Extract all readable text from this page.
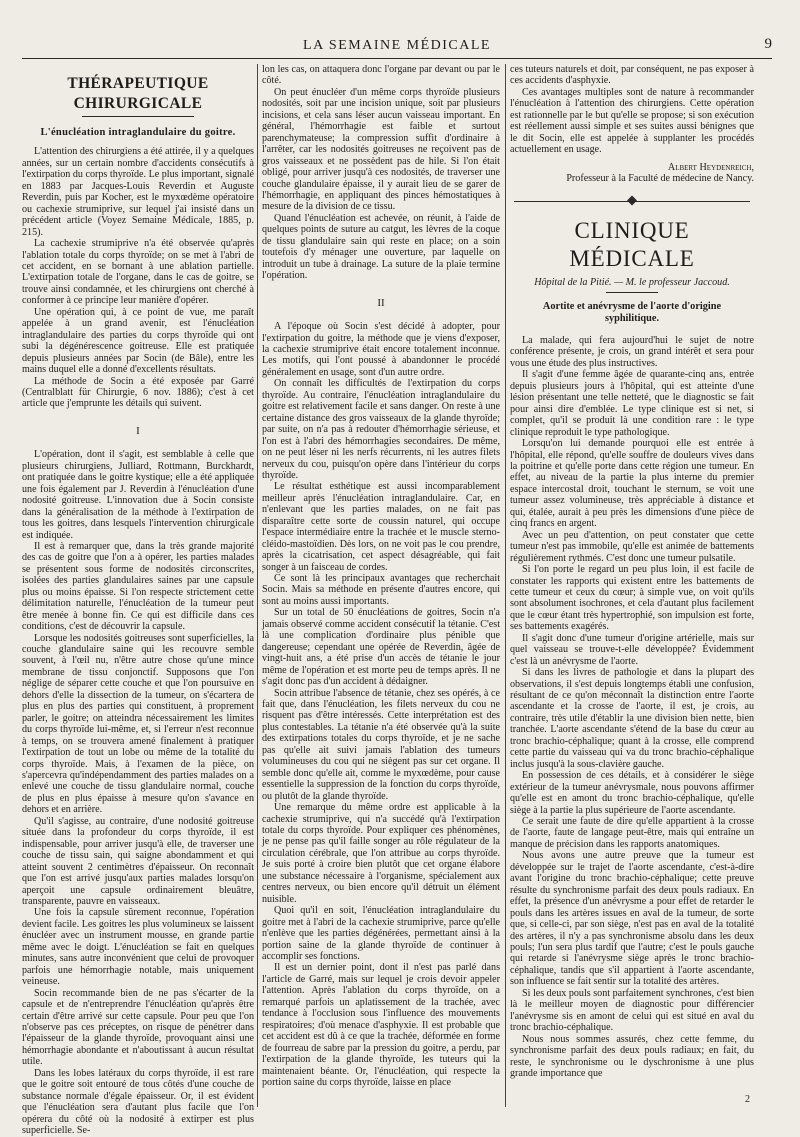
LA SEMAINE MÉDICALE	9
THÉRAPEUTIQUE CHIRURGICALE
L'énucléation intraglandulaire du goitre.

L'attention des chirurgiens a été attirée, il y a quelques années, sur un certain nombre d'accidents consécutifs à l'extirpation du corps thyroïde. Le plus important, signalé en 1883 par Jacques-Louis Reverdin et Auguste Reverdin, puis par Kocher, est le myxœdème opératoire ou cachexie strumiprive, sur lequel j'ai insisté dans un précédent article (Voyez Semaine Médicale, 1885, p. 215).

La cachexie strumiprive n'a été observée qu'après l'ablation totale du corps thyroïde; on se met à l'abri de cet accident, en se bornant à une ablation partielle. L'extirpation totale de l'organe, dans le cas de goitre, se trouve ainsi condamnée, et les chirurgiens ont cherché à conformer à ce principe leur manière d'opérer.

Une opération qui, à ce point de vue, me paraît appelée à un grand avenir, est l'énucléation intraglandulaire des parties du corps thyroïde qui ont subi la dégénérescence goitreuse. Elle est pratiquée depuis plusieurs années par Socin (de Bâle), entre les mains duquel elle a donné d'excellents résultats.

La méthode de Socin a été exposée par Garré (Centralblatt für Chirurgie, 6 nov. 1886); c'est à cet article que j'emprunte les détails qui suivent.

I

L'opération, dont il s'agit, est semblable à celle que plusieurs chirurgiens, Julliard, Rottmann, Burckhardt, ont pratiquée dans le goitre kystique; elle a été appliquée une fois également par J. Reverdin à l'énucléation d'une nodosité goitreuse. L'innovation due à Socin consiste dans la généralisation de la méthode à l'extirpation de tous les goitres, dans lesquels l'intervention chirurgicale est indiquée.

Il est à remarquer que, dans la très grande majorité des cas de goitre que l'on a à opérer, les parties malades se présentent sous forme de nodosités circonscrites, isolées des parties glandulaires saines par une capsule plus ou moins épaisse. Si l'on respecte strictement cette délimitation naturelle, l'énucléation de la tumeur peut être menée à bonne fin. Ce qui est difficile dans ces conditions, c'est de découvrir la capsule.

Lorsque les nodosités goitreuses sont superficielles, la couche glandulaire saine qui les recouvre semble souvent, à l'œil nu, n'être autre chose qu'une mince membrane de tissu conjonctif. Supposons que l'on néglige de séparer cette couche et que l'on poursuive en dehors d'elle la dissection de la tumeur, on s'écartera de plus en plus des parties qui constituent, à proprement parler, le goitre; on atteindra nécessairement les limites du corps thyroïde lui-même, et, si l'erreur n'est reconnue à temps, on se trouvera amené finalement à pratiquer l'extirpation de tout un lobe ou même de la totalité du corps thyroïde. Mais, à l'examen de la pièce, on s'apercevra qu'indépendamment des parties malades on a enlevé une couche de tissu glandulaire normal, couche de plus en plus épaisse à mesure qu'on s'avance en dehors et en arrière.

Qu'il s'agisse, au contraire, d'une nodosité goitreuse située dans la profondeur du corps thyroïde, il est indispensable, pour arriver jusqu'à elle, de traverser une couche de tissu sain, qui saigne abondamment et qui atteint souvent 2 centimètres d'épaisseur. On reconnaît que l'on est arrivé jusqu'aux parties malades lorsqu'on aperçoit une capsule ordinairement bleuâtre, transparente, pauvre en vaisseaux.

Une fois la capsule sûrement reconnue, l'opération devient facile. Les goitres les plus volumineux se laissent énucléer avec un instrument mousse, en grande partie même avec le doigt. L'énucléation se fait en quelques minutes, sans autre inconvénient que celui de provoquer parfois une hémorrhagie notable, mais uniquement veineuse.

Socin recommande bien de ne pas s'écarter de la capsule et de n'entreprendre l'énucléation qu'après être certain d'être arrivé sur cette capsule. Pour peu que l'on n'observe pas ces préceptes, on risque de pénétrer dans l'épaisseur de la glande thyroïde, provoquant ainsi une hémorrhagie abondante et n'aboutissant à aucun résultat utile.

Dans les lobes latéraux du corps thyroïde, il est rare que le goitre soit entouré de tous côtés d'une couche de substance normale d'égale épaisseur. Or, il est évident que l'énucléation sera d'autant plus facile que l'on opérera du côté où la nodosité à extirper est plus superficielle. Se-

lon les cas, on attaquera donc l'organe par devant ou par le côté.

On peut énucléer d'un même corps thyroïde plusieurs nodosités, soit par une incision unique, soit par plusieurs incisions, et cela sans léser aucun vaisseau important. En général, l'hémorrhagie est faible et surtout parenchymateuse; la compression suffit d'ordinaire à l'arrêter, car les nodosités goitreuses ne reçoivent pas de gros vaisseaux et ne possèdent pas de hile. Si l'on était obligé, pour arriver jusqu'à ces nodosités, de traverser une couche glandulaire épaisse, il y aurait lieu de se garer de l'hémorrhagie, en appliquant des pinces hémostatiques à mesure de la division de ce tissu.

Quand l'énucléation est achevée, on réunit, à l'aide de quelques points de suture au catgut, les lèvres de la coque de tissu glandulaire sain qui reste en place; on a soin toutefois d'y ménager une ouverture, par laquelle on introduit un tube à drainage. La suture de la plaie termine l'opération.

II

A l'époque où Socin s'est décidé à adopter, pour l'extirpation du goitre, la méthode que je viens d'exposer, la cachexie strumiprive était encore totalement inconnue. Les motifs, qui l'ont poussé à abandonner le procédé généralement en usage, sont d'un autre ordre.

On connaît les difficultés de l'extirpation du corps thyroïde. Au contraire, l'énucléation intraglandulaire du goitre est relativement facile et sans danger. On reste à une certaine distance des gros vaisseaux de la glande thyroïde; par suite, on n'a pas à redouter d'hémorrhagie sérieuse, et l'on est à l'abri des hémorrhagies secondaires. De même, on ne peut léser ni les nerfs récurrents, ni les autres filets nerveux du cou, puisqu'on opère dans l'intérieur du corps thyroïde.

Le résultat esthétique est aussi incomparablement meilleur après l'énucléation intraglandulaire. Car, en n'enlevant que les parties malades, on ne fait pas disparaître cette sorte de coussin naturel, qui occupe l'espace intermédiaire entre la trachée et le muscle sterno-cléido-mastoïdien. Dès lors, on ne voit pas le cou prendre, après la cicatrisation, cet aspect désagréable, qui fait songer à un faisceau de cordes.

Ce sont là les principaux avantages que recherchait Socin. Mais sa méthode en présente d'autres encore, qui sont au moins aussi importants.

Sur un total de 50 énucléations de goitres, Socin n'a jamais observé comme accident consécutif la tétanie. C'est là une complication d'ordinaire plus pénible que dangereuse; cependant une opérée de Reverdin, âgée de vingt-huit ans, a été prise d'un accès de tétanie le jour même de l'opération et est morte peu de temps après. Il ne s'agit donc pas d'un accident à dédaigner.

Socin attribue l'absence de tétanie, chez ses opérés, à ce fait que, dans l'énucléation, les filets nerveux du cou ne risquent pas d'être intéressés. Cette interprétation est des plus contestables. La tétanie n'a été observée qu'à la suite des extirpations totales du corps thyroïde, et je ne sache pas qu'elle ait suivi jamais l'ablation des tumeurs volumineuses du cou qui ne siègent pas sur cet organe. Il semble donc qu'elle ait, comme le myxœdème, pour cause essentielle la suppression de la fonction du corps thyroïde, ou plutôt de la glande thyroïde.

Une remarque du même ordre est applicable à la cachexie strumiprive, qui n'a succédé qu'à l'extirpation totale du corps thyroïde. Pour expliquer ces phénomènes, je ne pense pas qu'il faille songer au rôle régulateur de la circulation cérébrale, que l'on attribue au corps thyroïde. Je suis porté à croire bien plutôt que cet organe élabore une substance nécessaire à l'organisme, spécialement aux centres nerveux, ou bien encore qu'il détruit un élément nuisible.

Quoi qu'il en soit, l'énucléation intraglandulaire du goitre met à l'abri de la cachexie strumiprive, parce qu'elle n'enlève que les parties dégénérées, permettant ainsi à la portion saine de la glande thyroïde de continuer à accomplir ses fonctions.

Il est un dernier point, dont il n'est pas parlé dans l'article de Garré, mais sur lequel je crois devoir appeler l'attention. Après l'ablation du corps thyroïde, on a remarqué parfois un aplatissement de la trachée, avec tendance à l'occlusion sous l'influence des mouvements respiratoires; d'où menace d'asphyxie. Il est probable que cet accident est dû à ce que la trachée, déformée en forme de fourreau de sabre par la pression du goitre, a perdu, par l'extirpation de la glande thyroïde, les tuteurs qui la maintenaient béante. Or, l'énucléation, qui respecte la portion saine du corps thyroïde, laisse en place

ces tuteurs naturels et doit, par conséquent, ne pas exposer à ces accidents d'asphyxie.

Ces avantages multiples sont de nature à recommander l'énucléation à l'attention des chirurgiens. Cette opération est rationnelle par le but qu'elle se propose; si son exécution est réellement aussi simple et ses suites aussi bénignes que le dit Socin, elle est appelée à supplanter les procédés actuellement en usage.

Albert Heydenreich,
Professeur à la Faculté de médecine de Nancy.
CLINIQUE MÉDICALE
Hôpital de la Pitié. — M. le professeur Jaccoud.
Aortite et anévrysme de l'aorte d'origine syphilitique.

La malade, qui fera aujourd'hui le sujet de notre conférence présente, je crois, un grand intérêt et sera pour vous une étude des plus instructives.

Il s'agit d'une femme âgée de quarante-cinq ans, entrée depuis plusieurs jours à l'hôpital, qui est atteinte d'une lésion présentant une telle netteté, que le diagnostic se fait pour ainsi dire d'emblée. Le type clinique est si net, si complet, qu'il se produit là une condition rare : le type clinique reproduit le type pathologique.

Lorsqu'on lui demande pourquoi elle est entrée à l'hôpital, elle répond, qu'elle souffre de douleurs vives dans la poitrine et qu'elle porte dans cette région une tumeur. En effet, au niveau de la partie la plus interne du premier espace intercostal droit, touchant le sternum, se voit une tumeur assez volumineuse, très appréciable à distance et qui, étalée, aurait à peu près les dimensions d'une pièce de cinq francs en argent.

Avec un peu d'attention, on peut constater que cette tumeur n'est pas immobile, qu'elle est animée de battements régulièrement rythmés. C'est donc une tumeur pulsatile.

Si l'on porte le regard un peu plus loin, il est facile de constater les rapports qui existent entre les battements de cette tumeur et ceux du cœur; à simple vue, on voit qu'ils sont absolument isochrones, et cela d'autant plus facilement que le cœur étant très hypertrophié, son impulsion est forte, ses battements exagérés.

Il s'agit donc d'une tumeur d'origine artérielle, mais sur quel vaisseau se trouve-t-elle développée? Évidemment c'est là un anévrysme de l'aorte.

Si dans les livres de pathologie et dans la plupart des observations, il s'est depuis longtemps établi une confusion, résultant de ce qu'on méconnaît la distinction entre l'aorte ascendante et la crosse de l'aorte, il est, je crois, au contraire, très utile d'établir la une division bien nette, bien tranchée. L'aorte ascendante s'étend de la base du cœur au tronc brachio-céphalique; quant à la crosse, elle comprend cette partie du vaisseau qui va du tronc brachio-céphalique inclus jusqu'à la sous-clavière gauche.

En possession de ces détails, et à considérer le siège extérieur de la tumeur anévrysmale, nous pouvons affirmer qu'elle est en amont du tronc brachio-céphalique, qu'elle siège à la partie la plus supérieure de l'aorte ascendante.

Ce serait une faute de dire qu'elle appartient à la crosse de l'aorte, faute de langage peut-être, mais qui entraîne un manque de précision dans les rapports anatomiques.

Nous avons une autre preuve que la tumeur est développée sur le trajet de l'aorte ascendante, c'est-à-dire avant l'origine du tronc brachio-céphalique; cette preuve résulte du synchronisme parfait des deux pouls radiaux. En effet, la présence d'un anévrysme a pour effet de retarder le pouls dans les artères issues en aval de la tumeur, de sorte que, si celle-ci, par son siège, n'est pas en aval de la totalité des artères, il n'y a pas synchronisme absolu dans les deux pouls; l'un sera plus tardif que l'autre; c'est le pouls gauche qui retarde si l'anévrysme siège après le tronc brachio-céphalique, tandis que s'il appartient à l'aorte ascendante, son influence se fait sentir sur la totalité des artères.

Si les deux pouls sont parfaitement synchrones, c'est bien là le meilleur moyen de diagnostic pour différencier l'anévrysme sis en amont de celui qui est situé en aval du tronc brachio-céphalique.

Nous nous sommes assurés, chez cette femme, du synchronisme parfait des deux pouls radiaux; en fait, du reste, le synchronisme ou le dyschronisme à une plus grande importance que

2
